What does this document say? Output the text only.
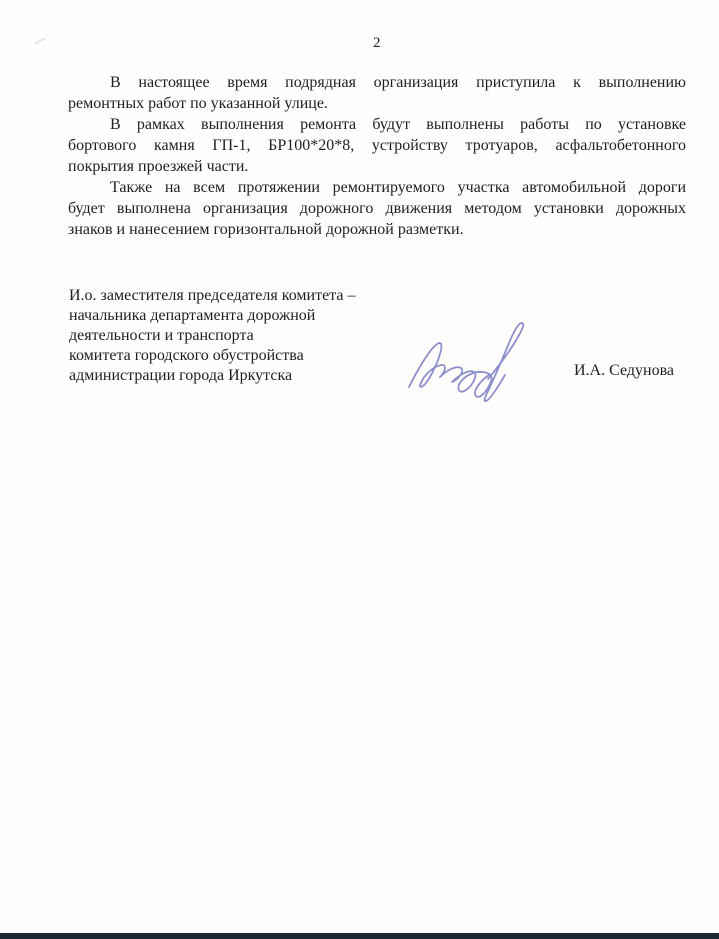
2
В настоящее время подрядная организация приступила к выполнению
ремонтных работ по указанной улице.
В рамках выполнения ремонта будут выполнены работы по установке
бортового камня ГП-1, БР100*20*8, устройству тротуаров, асфальтобетонного
покрытия проезжей части.
Также на всем протяжении ремонтируемого участка автомобильной дороги
будет выполнена организация дорожного движения методом установки дорожных
знаков и нанесением горизонтальной дорожной разметки.
И.о. заместителя председателя комитета –
начальника департамента дорожной
деятельности и транспорта
комитета городского обустройства
администрации города Иркутска	И.А. Седунова
